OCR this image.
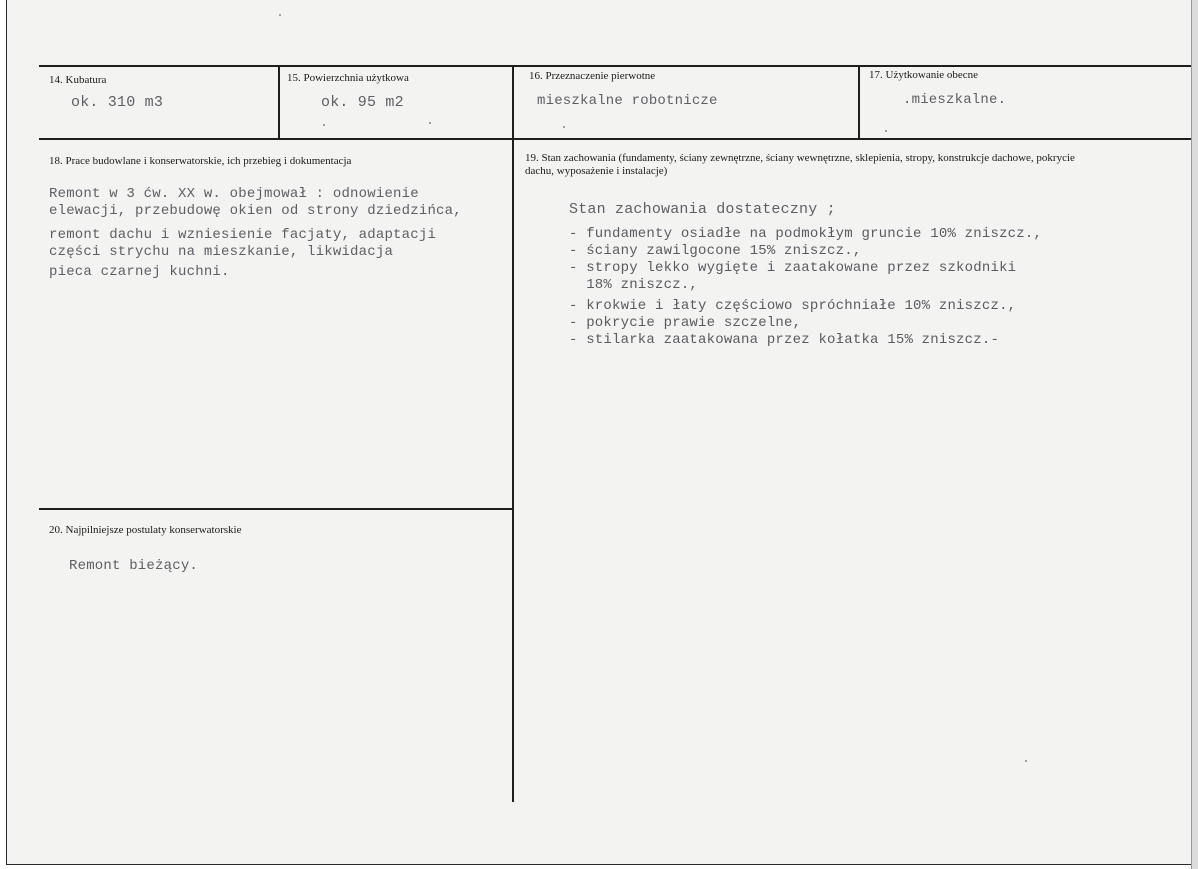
14. Kubatura
ok. 310 m3
15. Powierzchnia użytkowa
ok. 95 m2
16. Przeznaczenie pierwotne
mieszkalne robotnicze
17. Użytkowanie obecne
.mieszkalne.
18. Prace budowlane i konserwatorskie, ich przebieg i dokumentacja
Remont w 3 ćw. XX w. obejmował : odnowienie
elewacji, przebudowę okien od strony dziedzińca,
remont dachu i wzniesienie facjaty, adaptacji
części strychu na mieszkanie, likwidacja
pieca czarnej kuchni.
19. Stan zachowania (fundamenty, ściany zewnętrzne, ściany wewnętrzne, sklepienia, stropy, konstrukcje dachowe, pokrycie dachu, wyposażenie i instalacje)
Stan zachowania dostateczny ;
- fundamenty osiadłe na podmokłym gruncie 10% zniszcz.,
- ściany zawilgocone 15% zniszcz.,
- stropy lekko wygięte i zaatakowane przez szkodniki
18% zniszcz.,
- krokwie i łaty częściowo spróchniałe 10% zniszcz.,
- pokrycie prawie szczelne,
- stilarka zaatakowana przez kołatka 15% zniszcz.-
20. Najpilniejsze postulaty konserwatorskie
Remont bieżący.
